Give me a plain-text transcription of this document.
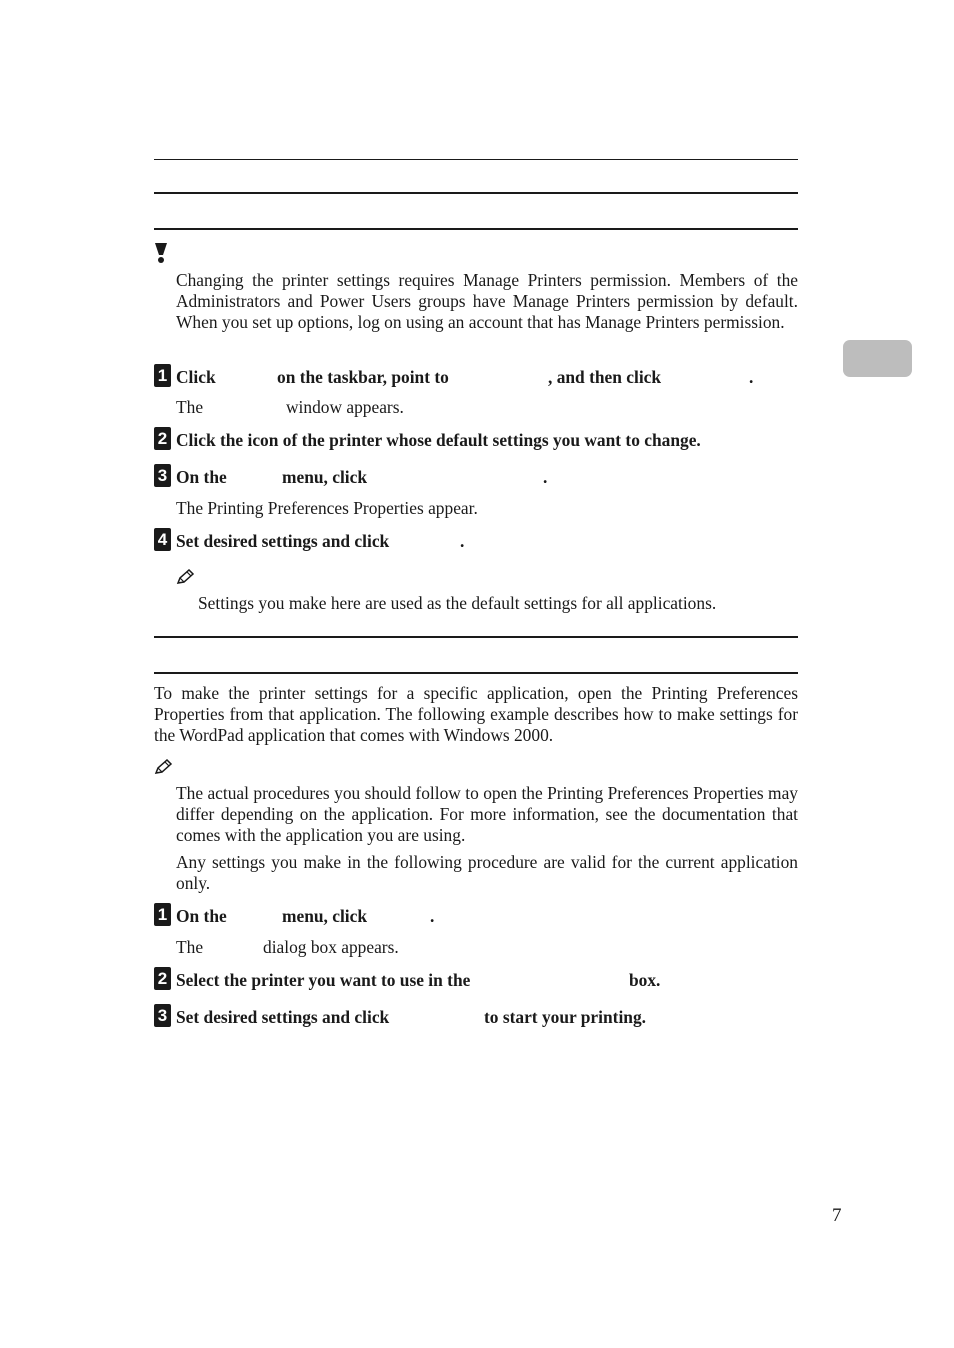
Changing the printer settings requires Manage Printers permission. Members of the Administrators and Power Users groups have Manage Printers permission by default. When you set up options, log on using an account that has Manage Printers permission.

1 Click	on the taskbar, point to	, and then click	.
The	window appears.
2 Click the icon of the printer whose default settings you want to change.
3 On the	menu, click	.
The Printing Preferences Properties appear.
4 Set desired settings and click	.
Settings you make here are used as the default settings for all applications.

To make the printer settings for a specific application, open the Printing Preferences Properties from that application. The following example describes how to make settings for the WordPad application that comes with Windows 2000.

The actual procedures you should follow to open the Printing Preferences Properties may differ depending on the application. For more information, see the documentation that comes with the application you are using.

Any settings you make in the following procedure are valid for the current application only.

1 On the	menu, click	.
The	dialog box appears.
2 Select the printer you want to use in the	box.
3 Set desired settings and click	to start your printing.
7
